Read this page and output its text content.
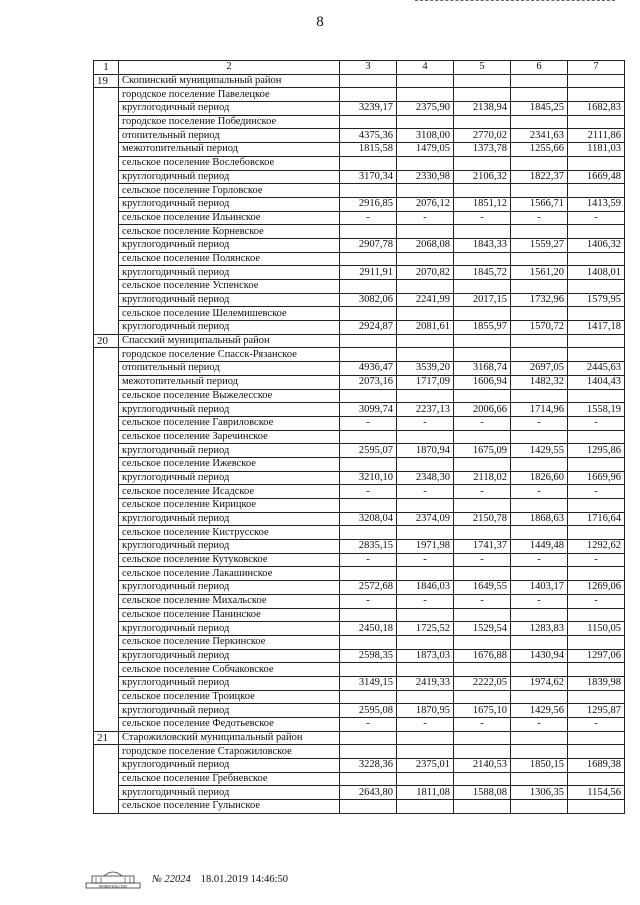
8
1	2	3	4	5	6	7
19	Скопинский муниципальный район					
	городское поселение Павелецкое					
	круглогодичный период	3239,17	2375,90	2138,94	1845,25	1682,83
	городское поселение Побединское					
	отопительный период	4375,36	3108,00	2770,02	2341,63	2111,86
	межотопительный период	1815,58	1479,05	1373,78	1255,66	1181,03
	сельское поселение Вослебовское					
	круглогодичный период	3170,34	2330,98	2106,32	1822,37	1669,48
	сельское поселение Горловское					
	круглогодичный период	2916,85	2076,12	1851,12	1566,71	1413,59
	сельское поселение Ильинское	-	-	-	-	-
	сельское поселение Корневское					
	круглогодичный период	2907,78	2068,08	1843,33	1559,27	1406,32
	сельское поселение Полянское					
	круглогодичный период	2911,91	2070,82	1845,72	1561,20	1408,01
	сельское поселение Успенское					
	круглогодичный период	3082,06	2241,99	2017,15	1732,96	1579,95
	сельское поселение Шелемишевское					
	круглогодичный период	2924,87	2081,61	1855,97	1570,72	1417,18
20	Спасский муниципальный район					
	городское поселение Спасск-Рязанское					
	отопительный период	4936,47	3539,20	3168,74	2697,05	2445,63
	межотопительный период	2073,16	1717,09	1606,94	1482,32	1404,43
	сельское поселение Выжелесское					
	круглогодичный период	3099,74	2237,13	2006,66	1714,96	1558,19
	сельское поселение Гавриловское	-	-	-	-	-
	сельское поселение Заречинское					
	круглогодичный период	2595,07	1870,94	1675,09	1429,55	1295,86
	сельское поселение Ижевское					
	круглогодичный период	3210,10	2348,30	2118,02	1826,60	1669,96
	сельское поселение Исадское	-	-	-	-	-
	сельское поселение Кирицкое					
	круглогодичный период	3208,04	2374,09	2150,78	1868,63	1716,64
	сельское поселение Киструсское					
	круглогодичный период	2835,15	1971,98	1741,37	1449,48	1292,62
	сельское поселение Кутуковское	-	-	-	-	-
	сельское поселение Лакашинское					
	круглогодичный период	2572,68	1846,03	1649,55	1403,17	1269,06
	сельское поселение Михальское	-	-	-	-	-
	сельское поселение Панинское					
	круглогодичный период	2450,18	1725,52	1529,54	1283,83	1150,05
	сельское поселение Перкинское					
	круглогодичный период	2598,35	1873,03	1676,88	1430,94	1297,06
	сельское поселение Собчаковское					
	круглогодичный период	3149,15	2419,33	2222,05	1974,62	1839,98
	сельское поселение Троицкое					
	круглогодичный период	2595,08	1870,95	1675,10	1429,56	1295,87
	сельское поселение Федотьевское	-	-	-	-	-
21	Старожиловский муниципальный район					
	городское поселение Старожиловское					
	круглогодичный период	3228,36	2375,01	2140,53	1850,15	1689,38
	сельское поселение Гребневское					
	круглогодичный период	2643,80	1811,08	1588,08	1306,35	1154,56
	сельское поселение Гулынское					
ПРАВИТЕЛЬСТВО
№ 22024 18.01.2019 14:46:50
